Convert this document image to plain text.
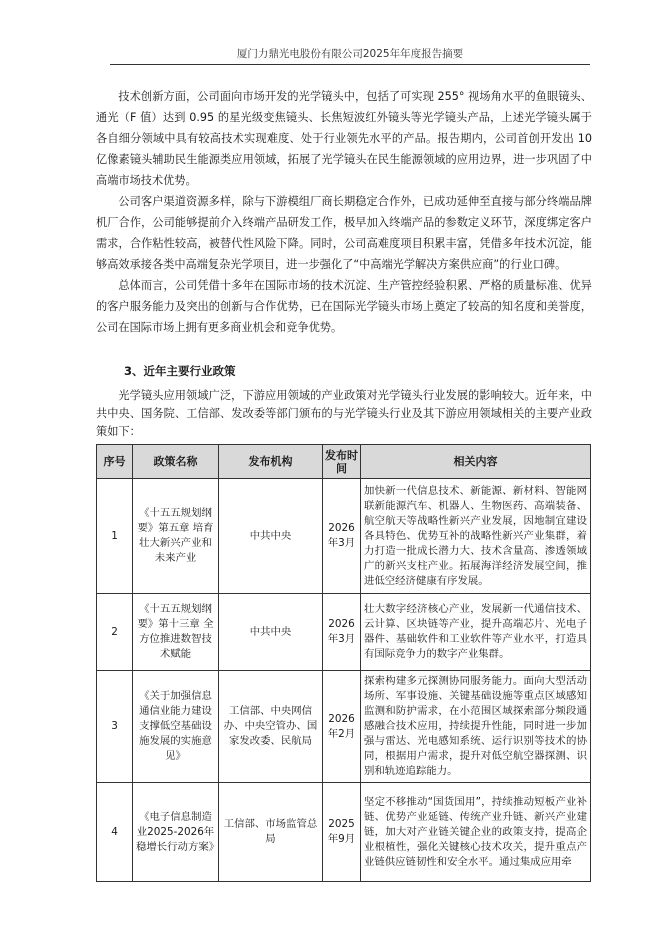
厦门力鼎光电股份有限公司2025年年度报告摘要

技术创新方面，公司面向市场开发的光学镜头中，包括了可实现 255° 视场角水平的鱼眼镜头、通光（F 值）达到 0.95 的星光级变焦镜头、长焦短波红外镜头等光学镜头产品，上述光学镜头属于各自细分领域中具有较高技术实现难度、处于行业领先水平的产品。报告期内，公司首创开发出 10 亿像素镜头辅助民生能源类应用领域，拓展了光学镜头在民生能源领域的应用边界，进一步巩固了中高端市场技术优势。

公司客户渠道资源多样，除与下游模组厂商长期稳定合作外，已成功延伸至直接与部分终端品牌机厂合作，公司能够提前介入终端产品研发工作，极早加入终端产品的参数定义环节，深度绑定客户需求，合作粘性较高，被替代性风险下降。同时，公司高难度项目积累丰富，凭借多年技术沉淀，能够高效承接各类中高端复杂光学项目，进一步强化了“中高端光学解决方案供应商”的行业口碑。

总体而言，公司凭借十多年在国际市场的技术沉淀、生产管控经验积累、严格的质量标准、优异的客户服务能力及突出的创新与合作优势，已在国际光学镜头市场上奠定了较高的知名度和美誉度，公司在国际市场上拥有更多商业机会和竞争优势。

3、近年主要行业政策

光学镜头应用领域广泛，下游应用领域的产业政策对光学镜头行业发展的影响较大。近年来，中共中央、国务院、工信部、发改委等部门颁布的与光学镜头行业及其下游应用领域相关的主要产业政策如下：

序号	政策名称	发布机构	发布时间	相关内容
1	《十五五规划纲要》第五章 培育壮大新兴产业和未来产业	中共中央	2026年3月	加快新一代信息技术、新能源、新材料、智能网联新能源汽车、机器人、生物医药、高端装备、航空航天等战略性新兴产业发展，因地制宜建设各具特色、优势互补的战略性新兴产业集群，着力打造一批成长潜力大、技术含量高、渗透领域广的新兴支柱产业。拓展海洋经济发展空间，推进低空经济健康有序发展。
2	《十五五规划纲要》第十三章 全方位推进数智技术赋能	中共中央	2026年3月	壮大数字经济核心产业，发展新一代通信技术、云计算、区块链等产业，提升高端芯片、光电子器件、基础软件和工业软件等产业水平，打造具有国际竞争力的数字产业集群。
3	《关于加强信息通信业能力建设 支撑低空基础设施发展的实施意见》	工信部、中央网信办、中央空管办、国家发改委、民航局	2026年2月	探索构建多元探测协同服务能力。面向大型活动场所、军事设施、关键基础设施等重点区域感知监测和防护需求，在小范围区域探索部分频段通感融合技术应用，持续提升性能，同时进一步加强与雷达、光电感知系统、运行识别等技术的协同，根据用户需求，提升对低空航空器探测、识别和轨迹追踪能力。
4	《电子信息制造业2025-2026年稳增长行动方案》	工信部、市场监管总局	2025年9月	坚定不移推动“国货国用”，持续推动短板产业补链、优势产业延链、传统产业升链、新兴产业建链，加大对产业链关键企业的政策支持，提高企业根植性，强化关键核心技术攻关，提升重点产业链供应链韧性和安全水平。通过集成应用牵
